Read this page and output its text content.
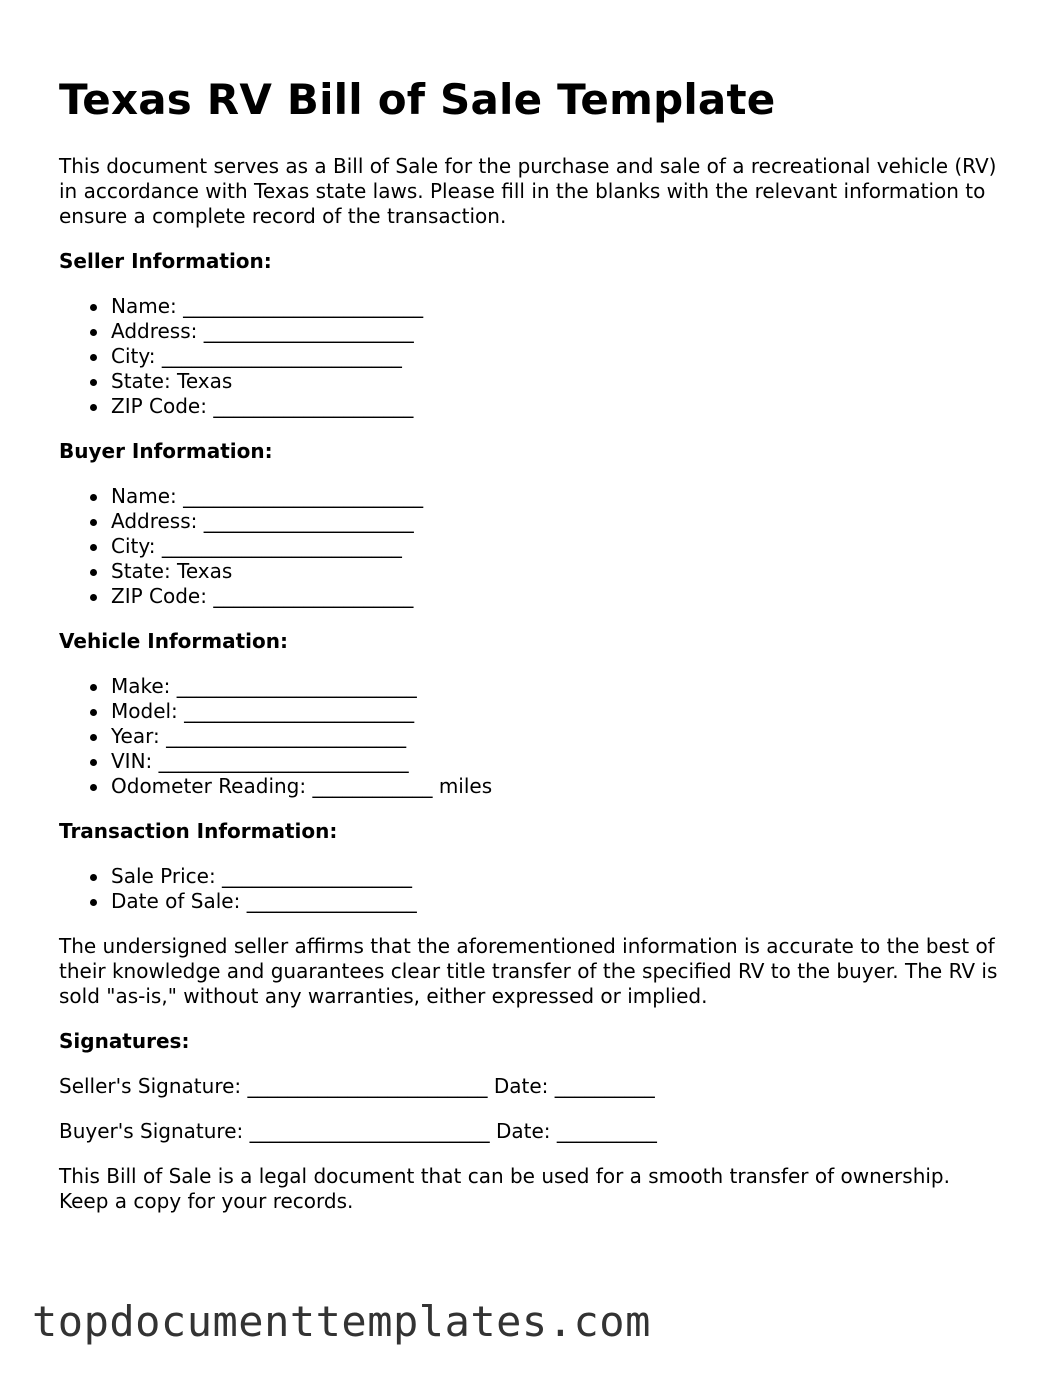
Texas RV Bill of Sale Template

This document serves as a Bill of Sale for the purchase and sale of a recreational vehicle (RV) in accordance with Texas state laws. Please fill in the blanks with the relevant information to ensure a complete record of the transaction.

Seller Information:
Name: ________________________
Address: _____________________
City: ________________________
State: Texas
ZIP Code: ____________________
Buyer Information:
Name: ________________________
Address: _____________________
City: ________________________
State: Texas
ZIP Code: ____________________
Vehicle Information:
Make: ________________________
Model: _______________________
Year: ________________________
VIN: _________________________
Odometer Reading: ____________ miles
Transaction Information:
Sale Price: ___________________
Date of Sale: _________________

The undersigned seller affirms that the aforementioned information is accurate to the best of their knowledge and guarantees clear title transfer of the specified RV to the buyer. The RV is sold "as-is," without any warranties, either expressed or implied.

Signatures:
Seller's Signature: ________________________ Date: __________
Buyer's Signature: ________________________ Date: __________

This Bill of Sale is a legal document that can be used for a smooth transfer of ownership. Keep a copy for your records.

topdocumenttemplates.com
